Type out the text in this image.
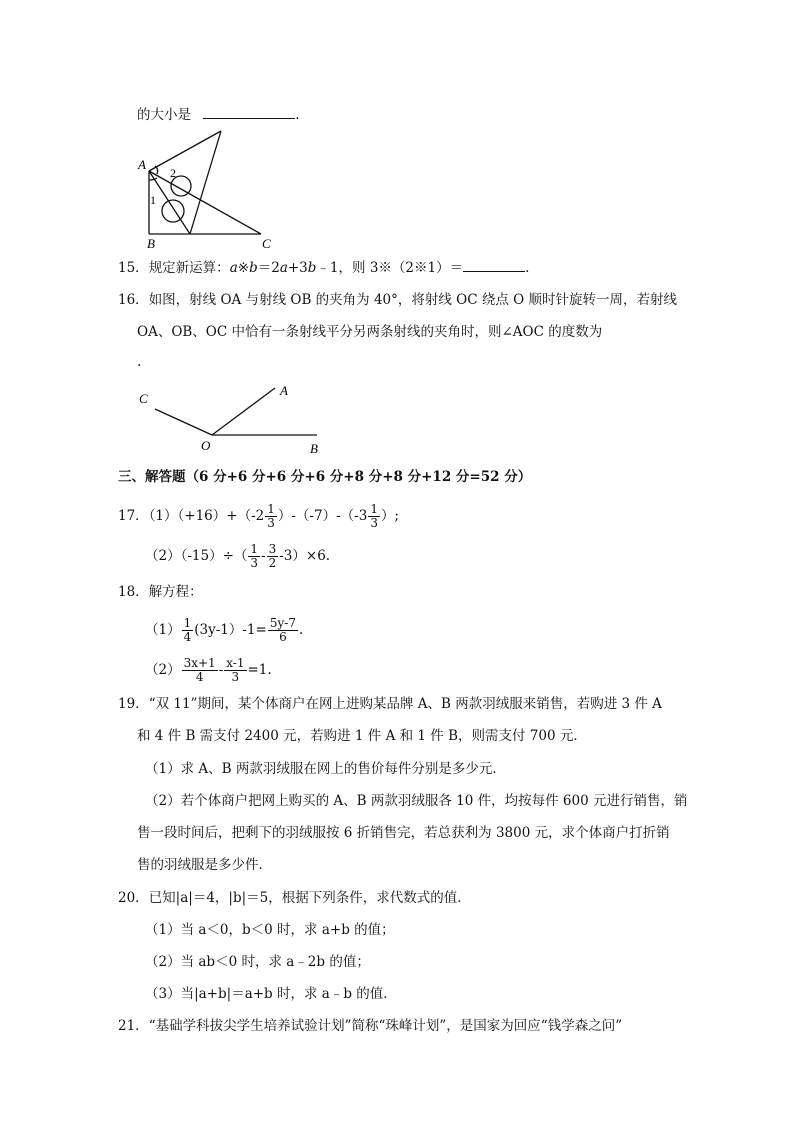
的大小是	.
A
B	C
1
2
15．规定新运算：a※b＝2a+3b﹣1，则 3※（2※1）＝	.
16．如图，射线 OA 与射线 OB 的夹角为 40°，将射线 OC 绕点 O 顺时针旋转一周，若射线
OA、OB、OC 中恰有一条射线平分另两条射线的夹角时，则∠AOC 的度数为
.
C
A
O	B
三、解答题（6 分+6 分+6 分+6 分+8 分+8 分+12 分=52 分）
17．$(1)(+16)+(-2 \frac{1}{3} )-(-7)-(-3 \frac{1}{3}$ ）;
$(2)(-15)\div( \frac{1}{3} - \frac{3}{2} -3)\times 6$.
18．解方程：
$(1) \frac{1}{4} (3y-1)-1= \frac{5y-7}{6}$ .
$(2) \frac{3x+1}{4} - \frac{x-1}{3} =1$.
19．“双 11”期间，某个体商户在网上进购某品牌 A、B 两款羽绒服来销售，若购进 3 件 A
和 4 件 B 需支付 2400 元，若购进 1 件 A 和 1 件 B，则需支付 700 元．
（1）求 A、B 两款羽绒服在网上的售价每件分别是多少元．
（2）若个体商户把网上购买的 A、B 两款羽绒服各 10 件，均按每件 600 元进行销售，销
售一段时间后，把剩下的羽绒服按 6 折销售完，若总获利为 3800 元，求个体商户打折销
售的羽绒服是多少件．
20．已知|a|＝4，|b|＝5，根据下列条件，求代数式的值．
（1）当 a＜0，b＜0 时，求 a+b 的值；
（2）当 ab＜0 时，求 a﹣2b 的值；
（3）当|a+b|＝a+b 时，求 a﹣b 的值．
21．“基础学科拔尖学生培养试验计划”简称“珠峰计划”，是国家为回应“钱学森之问”
